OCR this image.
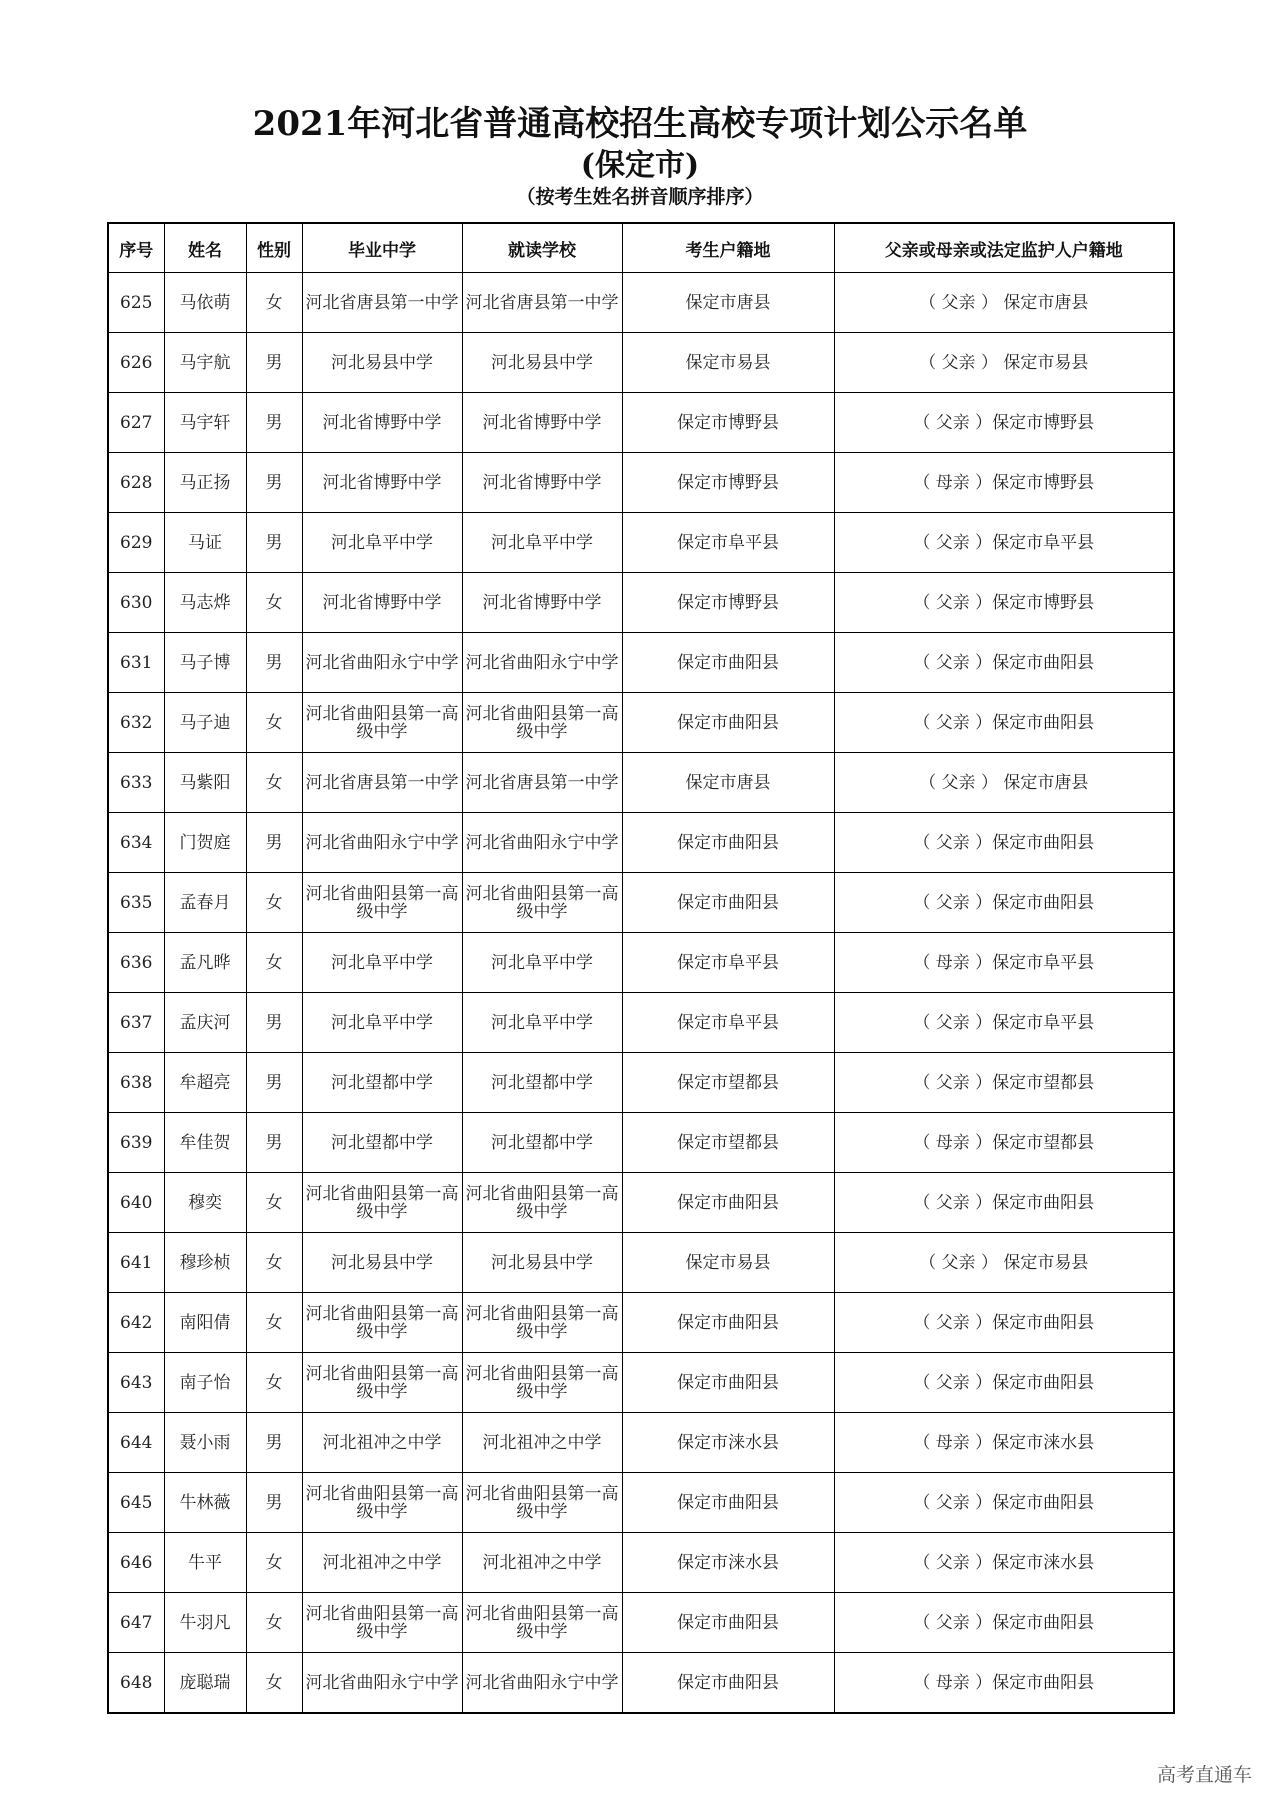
2021年河北省普通高校招生高校专项计划公示名单
(保定市)
（按考生姓名拼音顺序排序）
序号	姓名	性别	毕业中学	就读学校	考生户籍地	父亲或母亲或法定监护人户籍地
625	马依萌	女	河北省唐县第一中学	河北省唐县第一中学	保定市唐县	（ 父亲 ） 保定市唐县
626	马宇航	男	河北易县中学	河北易县中学	保定市易县	（ 父亲 ） 保定市易县
627	马宇轩	男	河北省博野中学	河北省博野中学	保定市博野县	（ 父亲 ）保定市博野县
628	马正扬	男	河北省博野中学	河北省博野中学	保定市博野县	（ 母亲 ）保定市博野县
629	马证	男	河北阜平中学	河北阜平中学	保定市阜平县	（ 父亲 ）保定市阜平县
630	马志烨	女	河北省博野中学	河北省博野中学	保定市博野县	（ 父亲 ）保定市博野县
631	马子博	男	河北省曲阳永宁中学	河北省曲阳永宁中学	保定市曲阳县	（ 父亲 ）保定市曲阳县
632	马子迪	女	河北省曲阳县第一高级中学	河北省曲阳县第一高级中学	保定市曲阳县	（ 父亲 ）保定市曲阳县
633	马紫阳	女	河北省唐县第一中学	河北省唐县第一中学	保定市唐县	（ 父亲 ） 保定市唐县
634	门贺庭	男	河北省曲阳永宁中学	河北省曲阳永宁中学	保定市曲阳县	（ 父亲 ）保定市曲阳县
635	孟春月	女	河北省曲阳县第一高级中学	河北省曲阳县第一高级中学	保定市曲阳县	（ 父亲 ）保定市曲阳县
636	孟凡晔	女	河北阜平中学	河北阜平中学	保定市阜平县	（ 母亲 ）保定市阜平县
637	孟庆河	男	河北阜平中学	河北阜平中学	保定市阜平县	（ 父亲 ）保定市阜平县
638	牟超亮	男	河北望都中学	河北望都中学	保定市望都县	（ 父亲 ）保定市望都县
639	牟佳贺	男	河北望都中学	河北望都中学	保定市望都县	（ 母亲 ）保定市望都县
640	穆奕	女	河北省曲阳县第一高级中学	河北省曲阳县第一高级中学	保定市曲阳县	（ 父亲 ）保定市曲阳县
641	穆珍桢	女	河北易县中学	河北易县中学	保定市易县	（ 父亲 ） 保定市易县
642	南阳倩	女	河北省曲阳县第一高级中学	河北省曲阳县第一高级中学	保定市曲阳县	（ 父亲 ）保定市曲阳县
643	南子怡	女	河北省曲阳县第一高级中学	河北省曲阳县第一高级中学	保定市曲阳县	（ 父亲 ）保定市曲阳县
644	聂小雨	男	河北祖冲之中学	河北祖冲之中学	保定市涞水县	（ 母亲 ）保定市涞水县
645	牛林薇	男	河北省曲阳县第一高级中学	河北省曲阳县第一高级中学	保定市曲阳县	（ 父亲 ）保定市曲阳县
646	牛平	女	河北祖冲之中学	河北祖冲之中学	保定市涞水县	（ 父亲 ）保定市涞水县
647	牛羽凡	女	河北省曲阳县第一高级中学	河北省曲阳县第一高级中学	保定市曲阳县	（ 父亲 ）保定市曲阳县
648	庞聪瑞	女	河北省曲阳永宁中学	河北省曲阳永宁中学	保定市曲阳县	（ 母亲 ）保定市曲阳县
高考直通车
